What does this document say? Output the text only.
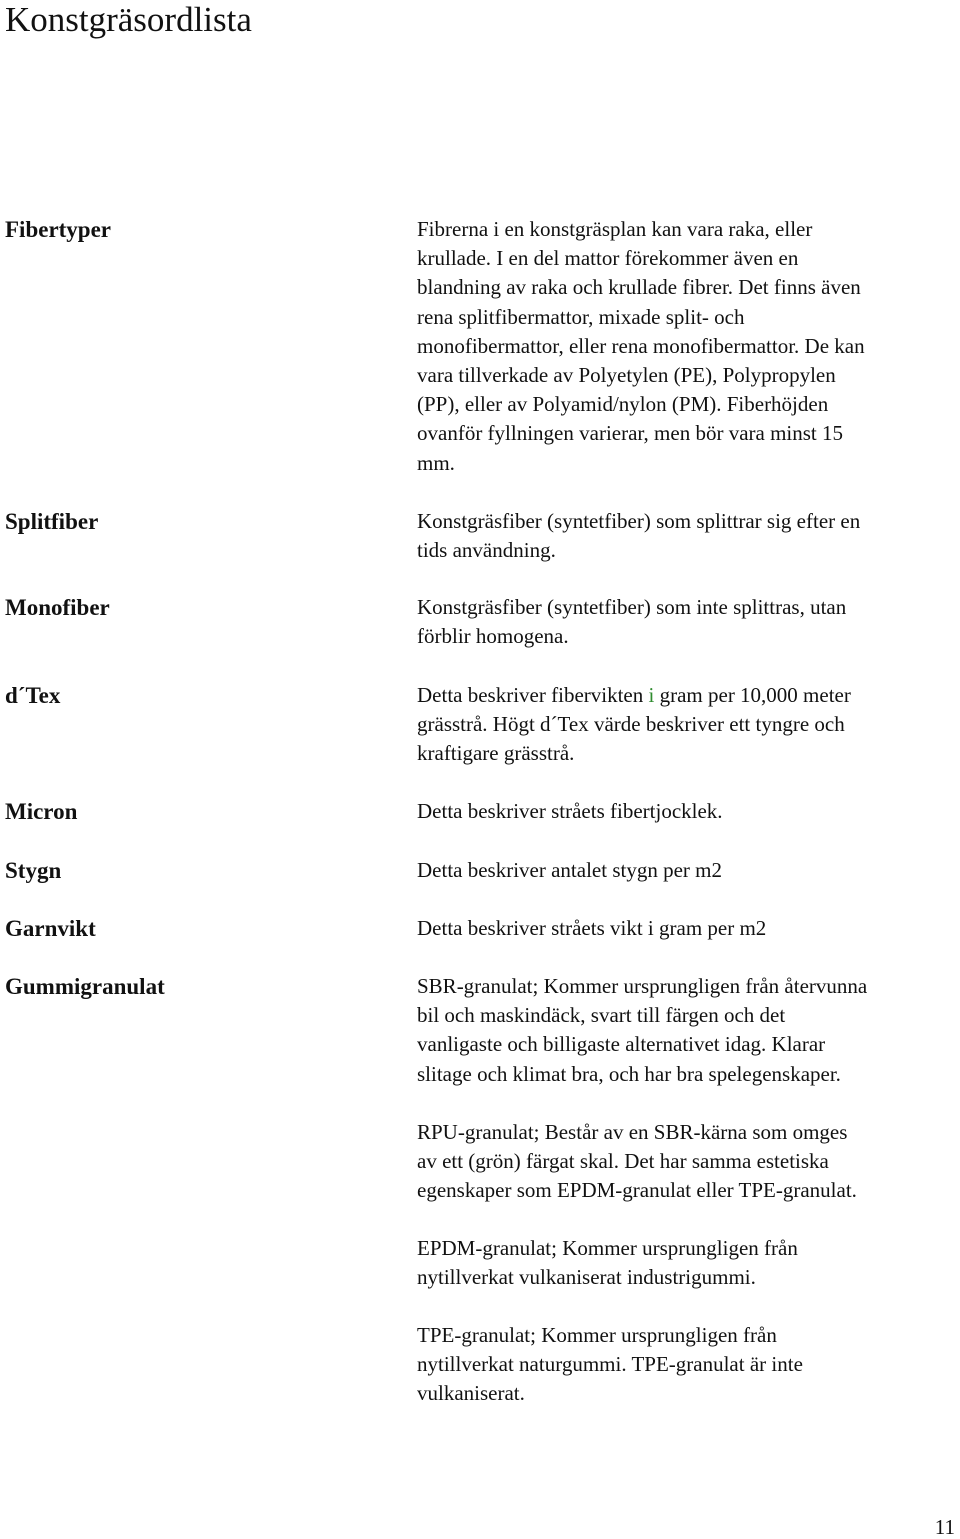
Konstgräsordlista
Fibertyper	Fibrerna i en konstgräsplan kan vara raka, eller
krullade. I en del mattor förekommer även en
blandning av raka och krullade fibrer. Det finns även
rena splitfibermattor, mixade split- och
monofibermattor, eller rena monofibermattor. De kan
vara tillverkade av Polyetylen (PE), Polypropylen
(PP), eller av Polyamid/nylon (PM). Fiberhöjden
ovanför fyllningen varierar, men bör vara minst 15
mm.
Splitfiber	Konstgräsfiber (syntetfiber) som splittrar sig efter en
tids användning.
Monofiber	Konstgräsfiber (syntetfiber) som inte splittras, utan
förblir homogena.
d´Tex	Detta beskriver fibervikten i gram per 10,000 meter
grässtrå. Högt d´Tex värde beskriver ett tyngre och
kraftigare grässtrå.
Micron	Detta beskriver stråets fibertjocklek.
Stygn	Detta beskriver antalet stygn per m2
Garnvikt	Detta beskriver stråets vikt i gram per m2
Gummigranulat	SBR-granulat; Kommer ursprungligen från återvunna
bil och maskindäck, svart till färgen och det
vanligaste och billigaste alternativet idag. Klarar
slitage och klimat bra, och har bra spelegenskaper.
RPU-granulat; Består av en SBR-kärna som omges
av ett (grön) färgat skal. Det har samma estetiska
egenskaper som EPDM-granulat eller TPE-granulat.
EPDM-granulat; Kommer ursprungligen från
nytillverkat vulkaniserat industrigummi.
TPE-granulat; Kommer ursprungligen från
nytillverkat naturgummi. TPE-granulat är inte
vulkaniserat.
11
